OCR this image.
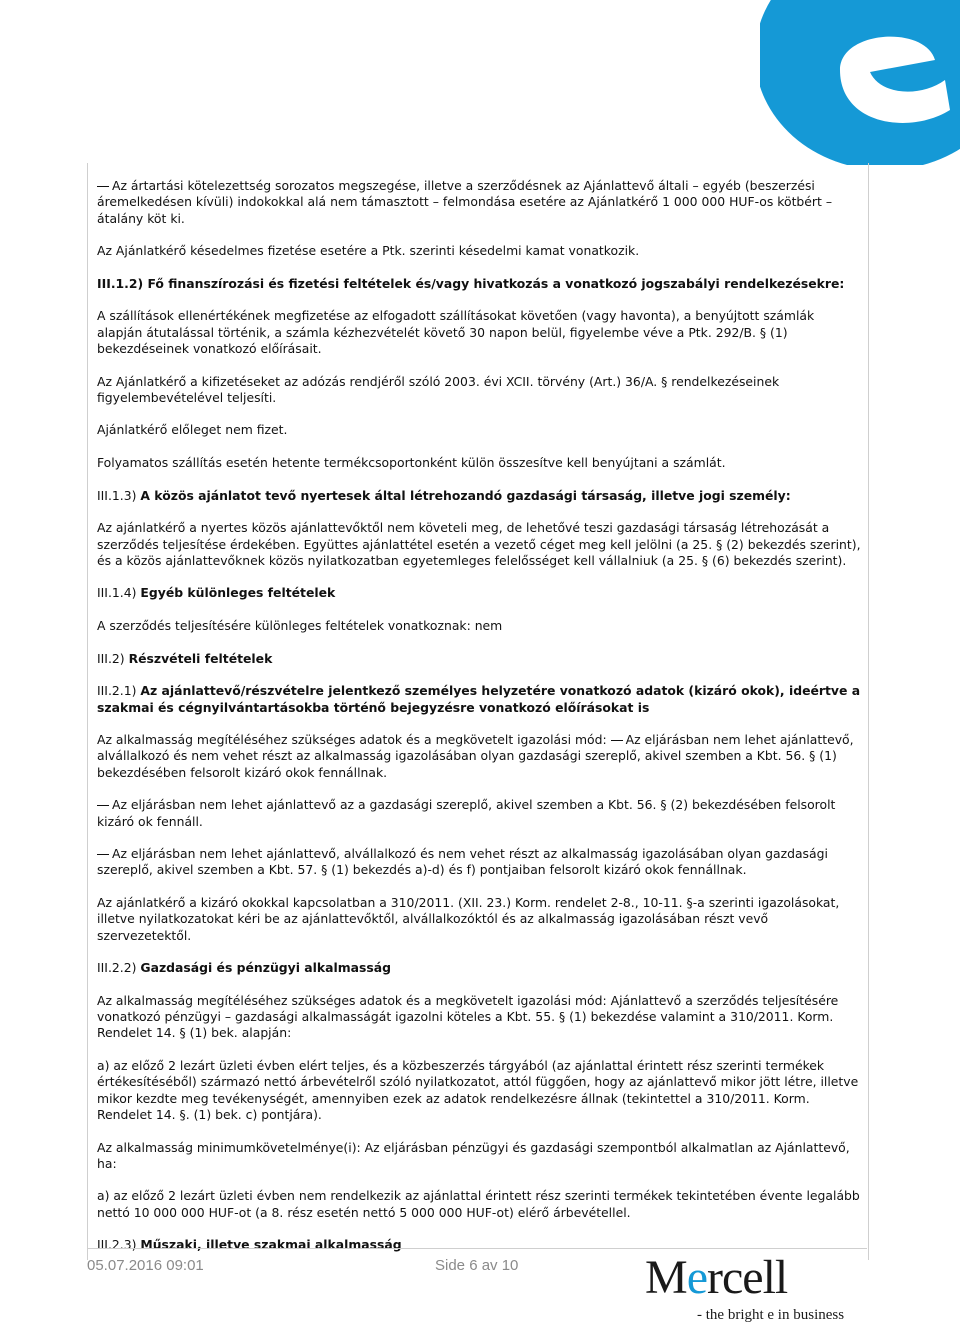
Az ártartási kötelezettség sorozatos megszegése, illetve a szerződésnek az Ajánlattevő általi – egyéb (beszerzési áremelkedésen kívüli) indokokkal alá nem támasztott – felmondása esetére az Ajánlatkérő 1 000 000 HUF-os kötbért – átalány köt ki.

Az Ajánlatkérő késedelmes fizetése esetére a Ptk. szerinti késedelmi kamat vonatkozik.

III.1.2) Fő finanszírozási és fizetési feltételek és/vagy hivatkozás a vonatkozó jogszabályi rendelkezésekre:

A szállítások ellenértékének megfizetése az elfogadott szállításokat követően (vagy havonta), a benyújtott számlák alapján átutalással történik, a számla kézhezvételét követő 30 napon belül, figyelembe véve a Ptk. 292/B. § (1) bekezdéseinek vonatkozó előírásait.

Az Ajánlatkérő a kifizetéseket az adózás rendjéről szóló 2003. évi XCII. törvény (Art.) 36/A. § rendelkezéseinek figyelembevételével teljesíti.

Ajánlatkérő előleget nem fizet.

Folyamatos szállítás esetén hetente termékcsoportonként külön összesítve kell benyújtani a számlát.

III.1.3) A közös ajánlatot tevő nyertesek által létrehozandó gazdasági társaság, illetve jogi személy:

Az ajánlatkérő a nyertes közös ajánlattevőktől nem követeli meg, de lehetővé teszi gazdasági társaság létrehozását a szerződés teljesítése érdekében. Együttes ajánlattétel esetén a vezető céget meg kell jelölni (a 25. § (2) bekezdés szerint), és a közös ajánlattevőknek közös nyilatkozatban egyetemleges felelősséget kell vállalniuk (a 25. § (6) bekezdés szerint).

III.1.4) Egyéb különleges feltételek

A szerződés teljesítésére különleges feltételek vonatkoznak: nem

III.2) Részvételi feltételek

III.2.1) Az ajánlattevő/részvételre jelentkező személyes helyzetére vonatkozó adatok (kizáró okok), ideértve a szakmai és cégnyilvántartásokba történő bejegyzésre vonatkozó előírásokat is

Az alkalmasság megítéléséhez szükséges adatok és a megkövetelt igazolási mód: Az eljárásban nem lehet ajánlattevő, alvállalkozó és nem vehet részt az alkalmasság igazolásában olyan gazdasági szereplő, akivel szemben a Kbt. 56. § (1) bekezdésében felsorolt kizáró okok fennállnak.

Az eljárásban nem lehet ajánlattevő az a gazdasági szereplő, akivel szemben a Kbt. 56. § (2) bekezdésében felsorolt kizáró ok fennáll.

Az eljárásban nem lehet ajánlattevő, alvállalkozó és nem vehet részt az alkalmasság igazolásában olyan gazdasági szereplő, akivel szemben a Kbt. 57. § (1) bekezdés a)-d) és f) pontjaiban felsorolt kizáró okok fennállnak.

Az ajánlatkérő a kizáró okokkal kapcsolatban a 310/2011. (XII. 23.) Korm. rendelet 2-8., 10-11. §-a szerinti igazolásokat, illetve nyilatkozatokat kéri be az ajánlattevőktől, alvállalkozóktól és az alkalmasság igazolásában részt vevő szervezetektől.

III.2.2) Gazdasági és pénzügyi alkalmasság

Az alkalmasság megítéléséhez szükséges adatok és a megkövetelt igazolási mód: Ajánlattevő a szerződés teljesítésére vonatkozó pénzügyi – gazdasági alkalmasságát igazolni köteles a Kbt. 55. § (1) bekezdése valamint a 310/2011. Korm. Rendelet 14. § (1) bek. alapján:

a) az előző 2 lezárt üzleti évben elért teljes, és a közbeszerzés tárgyából (az ajánlattal érintett rész szerinti termékek értékesítéséből) származó nettó árbevételről szóló nyilatkozatot, attól függően, hogy az ajánlattevő mikor jött létre, illetve mikor kezdte meg tevékenységét, amennyiben ezek az adatok rendelkezésre állnak (tekintettel a 310/2011. Korm. Rendelet 14. §. (1) bek. c) pontjára).

Az alkalmasság minimumkövetelménye(i): Az eljárásban pénzügyi és gazdasági szempontból alkalmatlan az Ajánlattevő, ha:

a) az előző 2 lezárt üzleti évben nem rendelkezik az ajánlattal érintett rész szerinti termékek tekintetében évente legalább nettó 10 000 000 HUF-ot (a 8. rész esetén nettó 5 000 000 HUF-ot) elérő árbevétellel.

III.2.3) Műszaki, illetve szakmai alkalmasság

05.07.2016 09:01	Side 6 av 10	Mercell
- the bright e in business
